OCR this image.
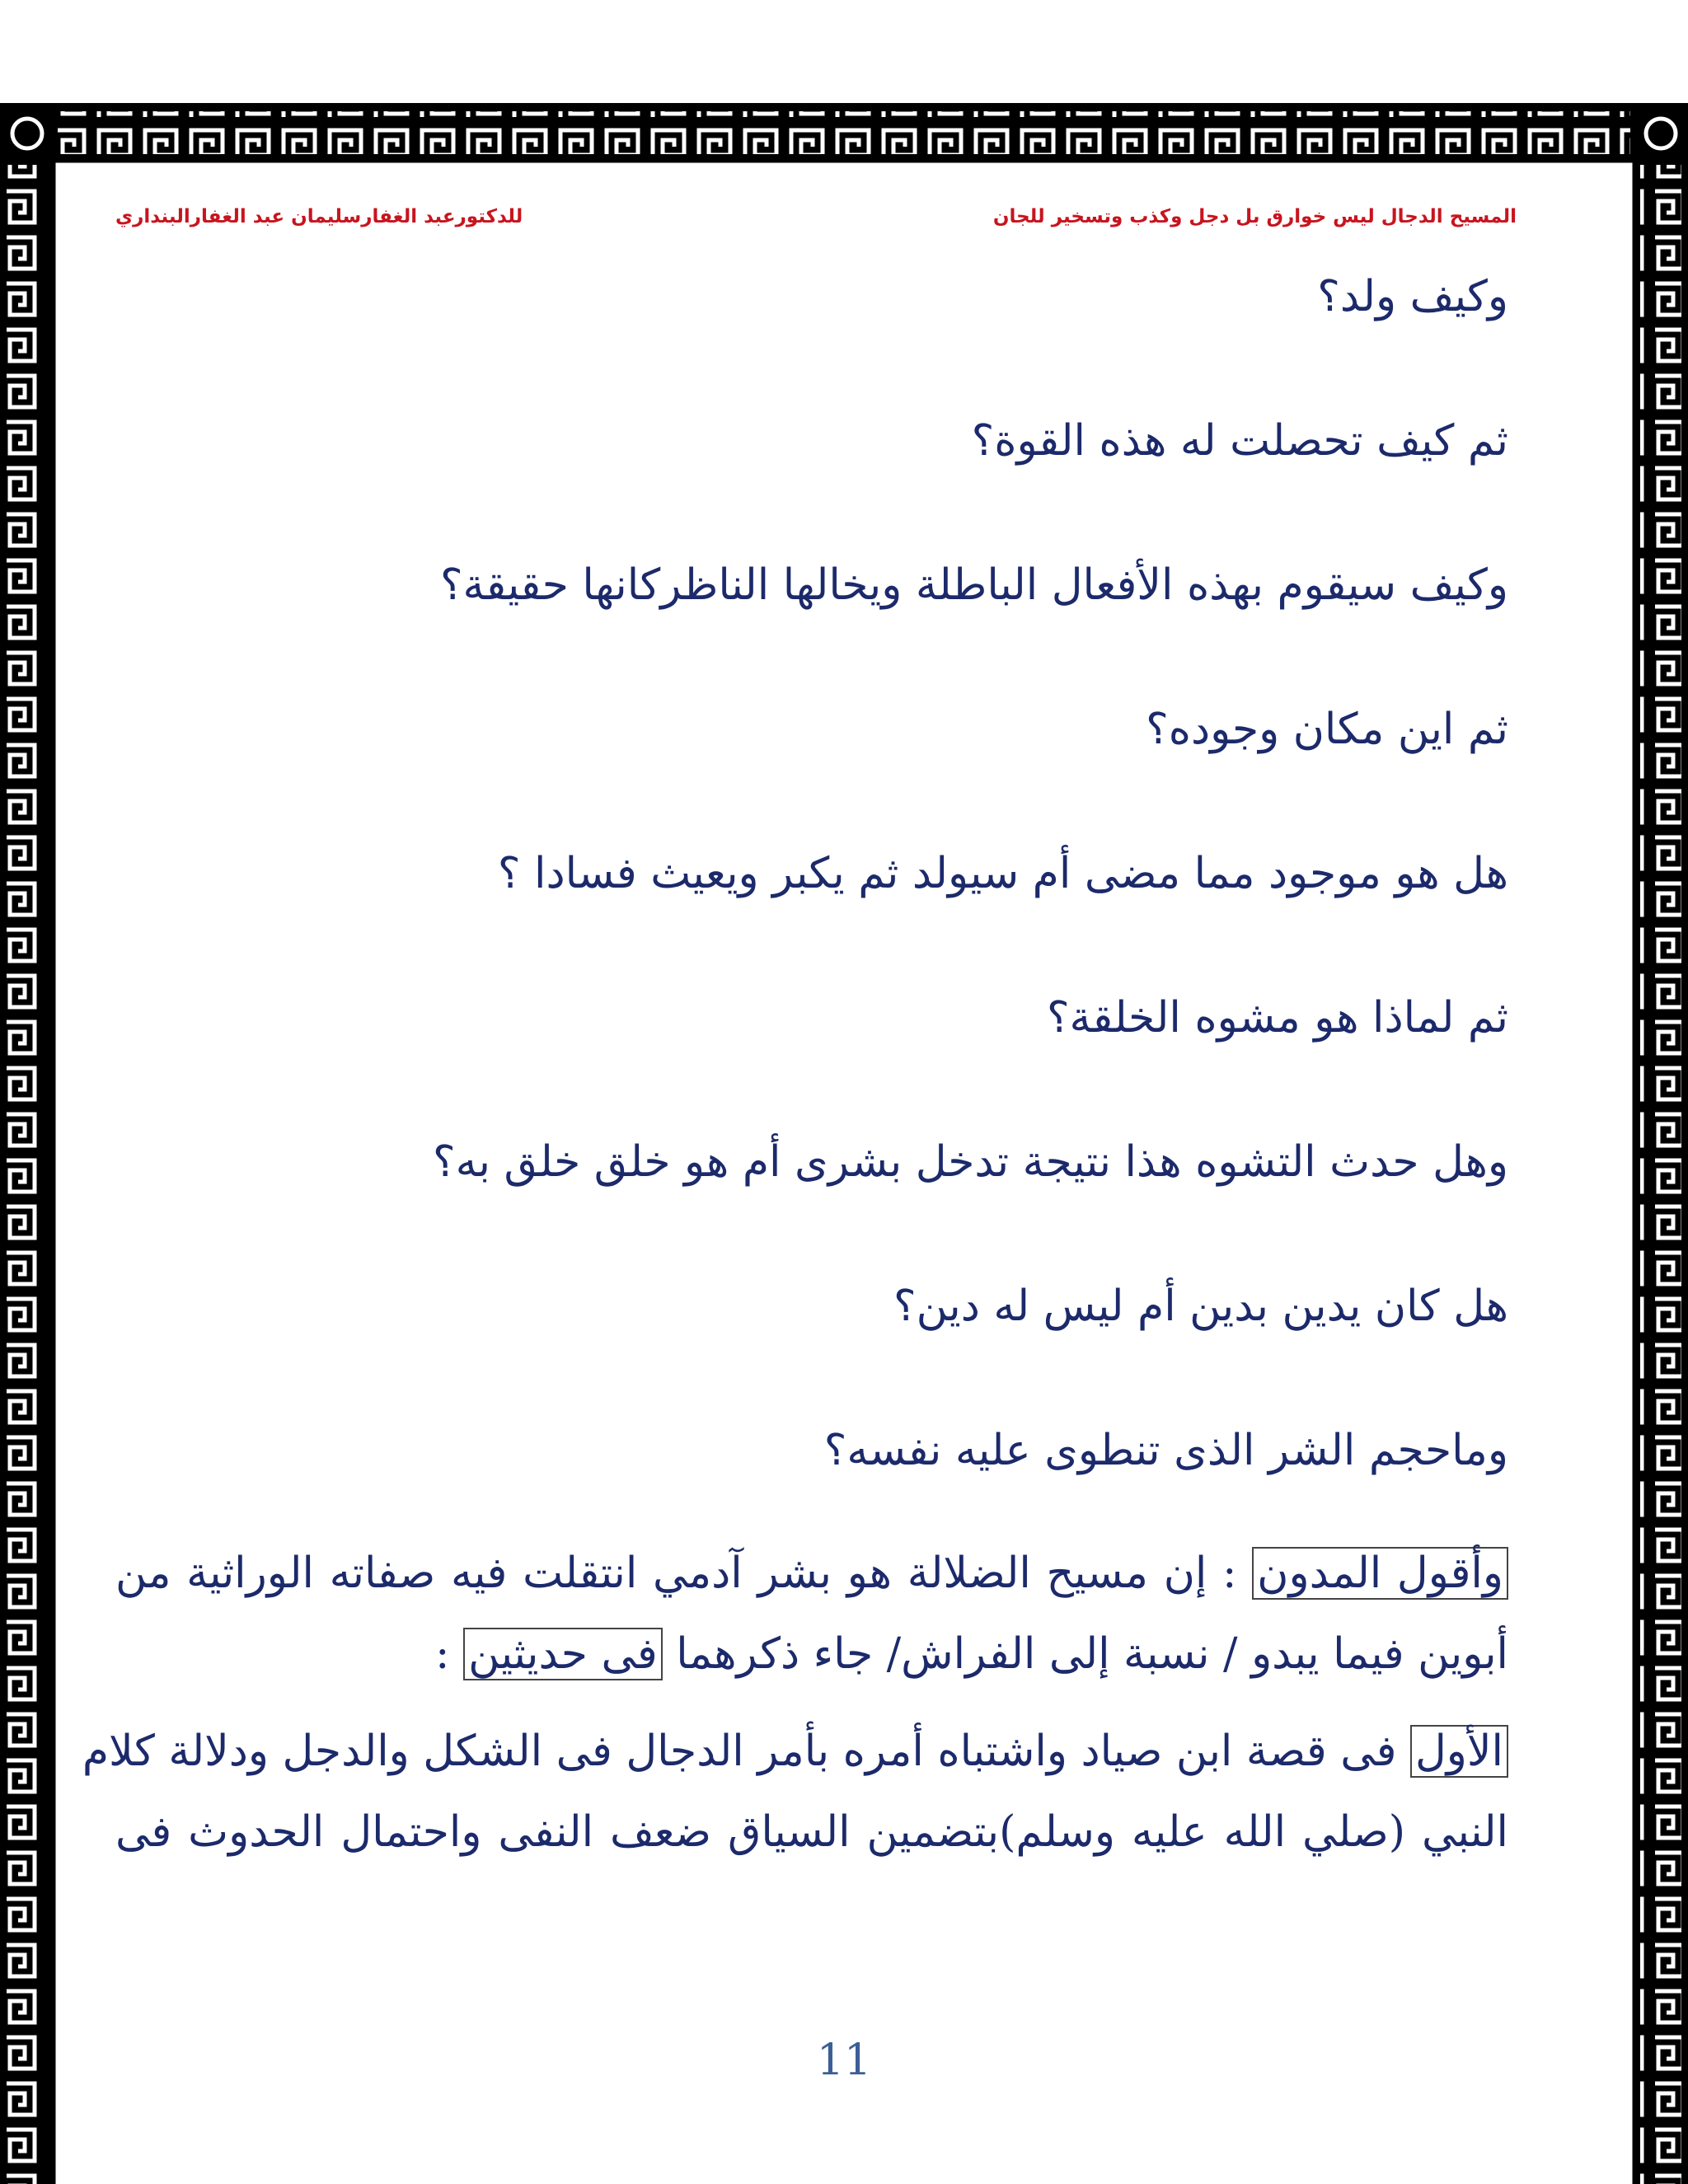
المسيح الدجال ليس خوارق بل دجل وكذب وتسخير للجان
للدكتورعبد الغفارسليمان عبد الغفارالبنداري
وكيف ولد؟
ثم كيف تحصلت له هذه القوة؟
وكيف سيقوم بهذه الأفعال الباطلة ويخالها الناظركانها حقيقة؟
ثم اين مكان وجوده؟
هل هو موجود مما مضى أم سيولد ثم يكبر ويعيث فسادا ؟
ثم لماذا هو مشوه الخلقة؟
وهل حدث التشوه هذا نتيجة تدخل بشرى أم هو خلق خلق به؟
هل كان يدين بدين أم ليس له دين؟
وماحجم الشر الذى تنطوى عليه نفسه؟

وأقول المدون : إن مسيح الضلالة هو بشر آدمي انتقلت فيه صفاته الوراثية من

أبوين فيما يبدو / نسبة إلى الفراش/ جاء ذكرهما فى حديثين :

الأول فى قصة ابن صياد واشتباه أمره بأمر الدجال فى الشكل والدجل ودلالة كلام

النبي (صلي الله عليه وسلم)بتضمين السياق ضعف النفى واحتمال الحدوث فى

11
